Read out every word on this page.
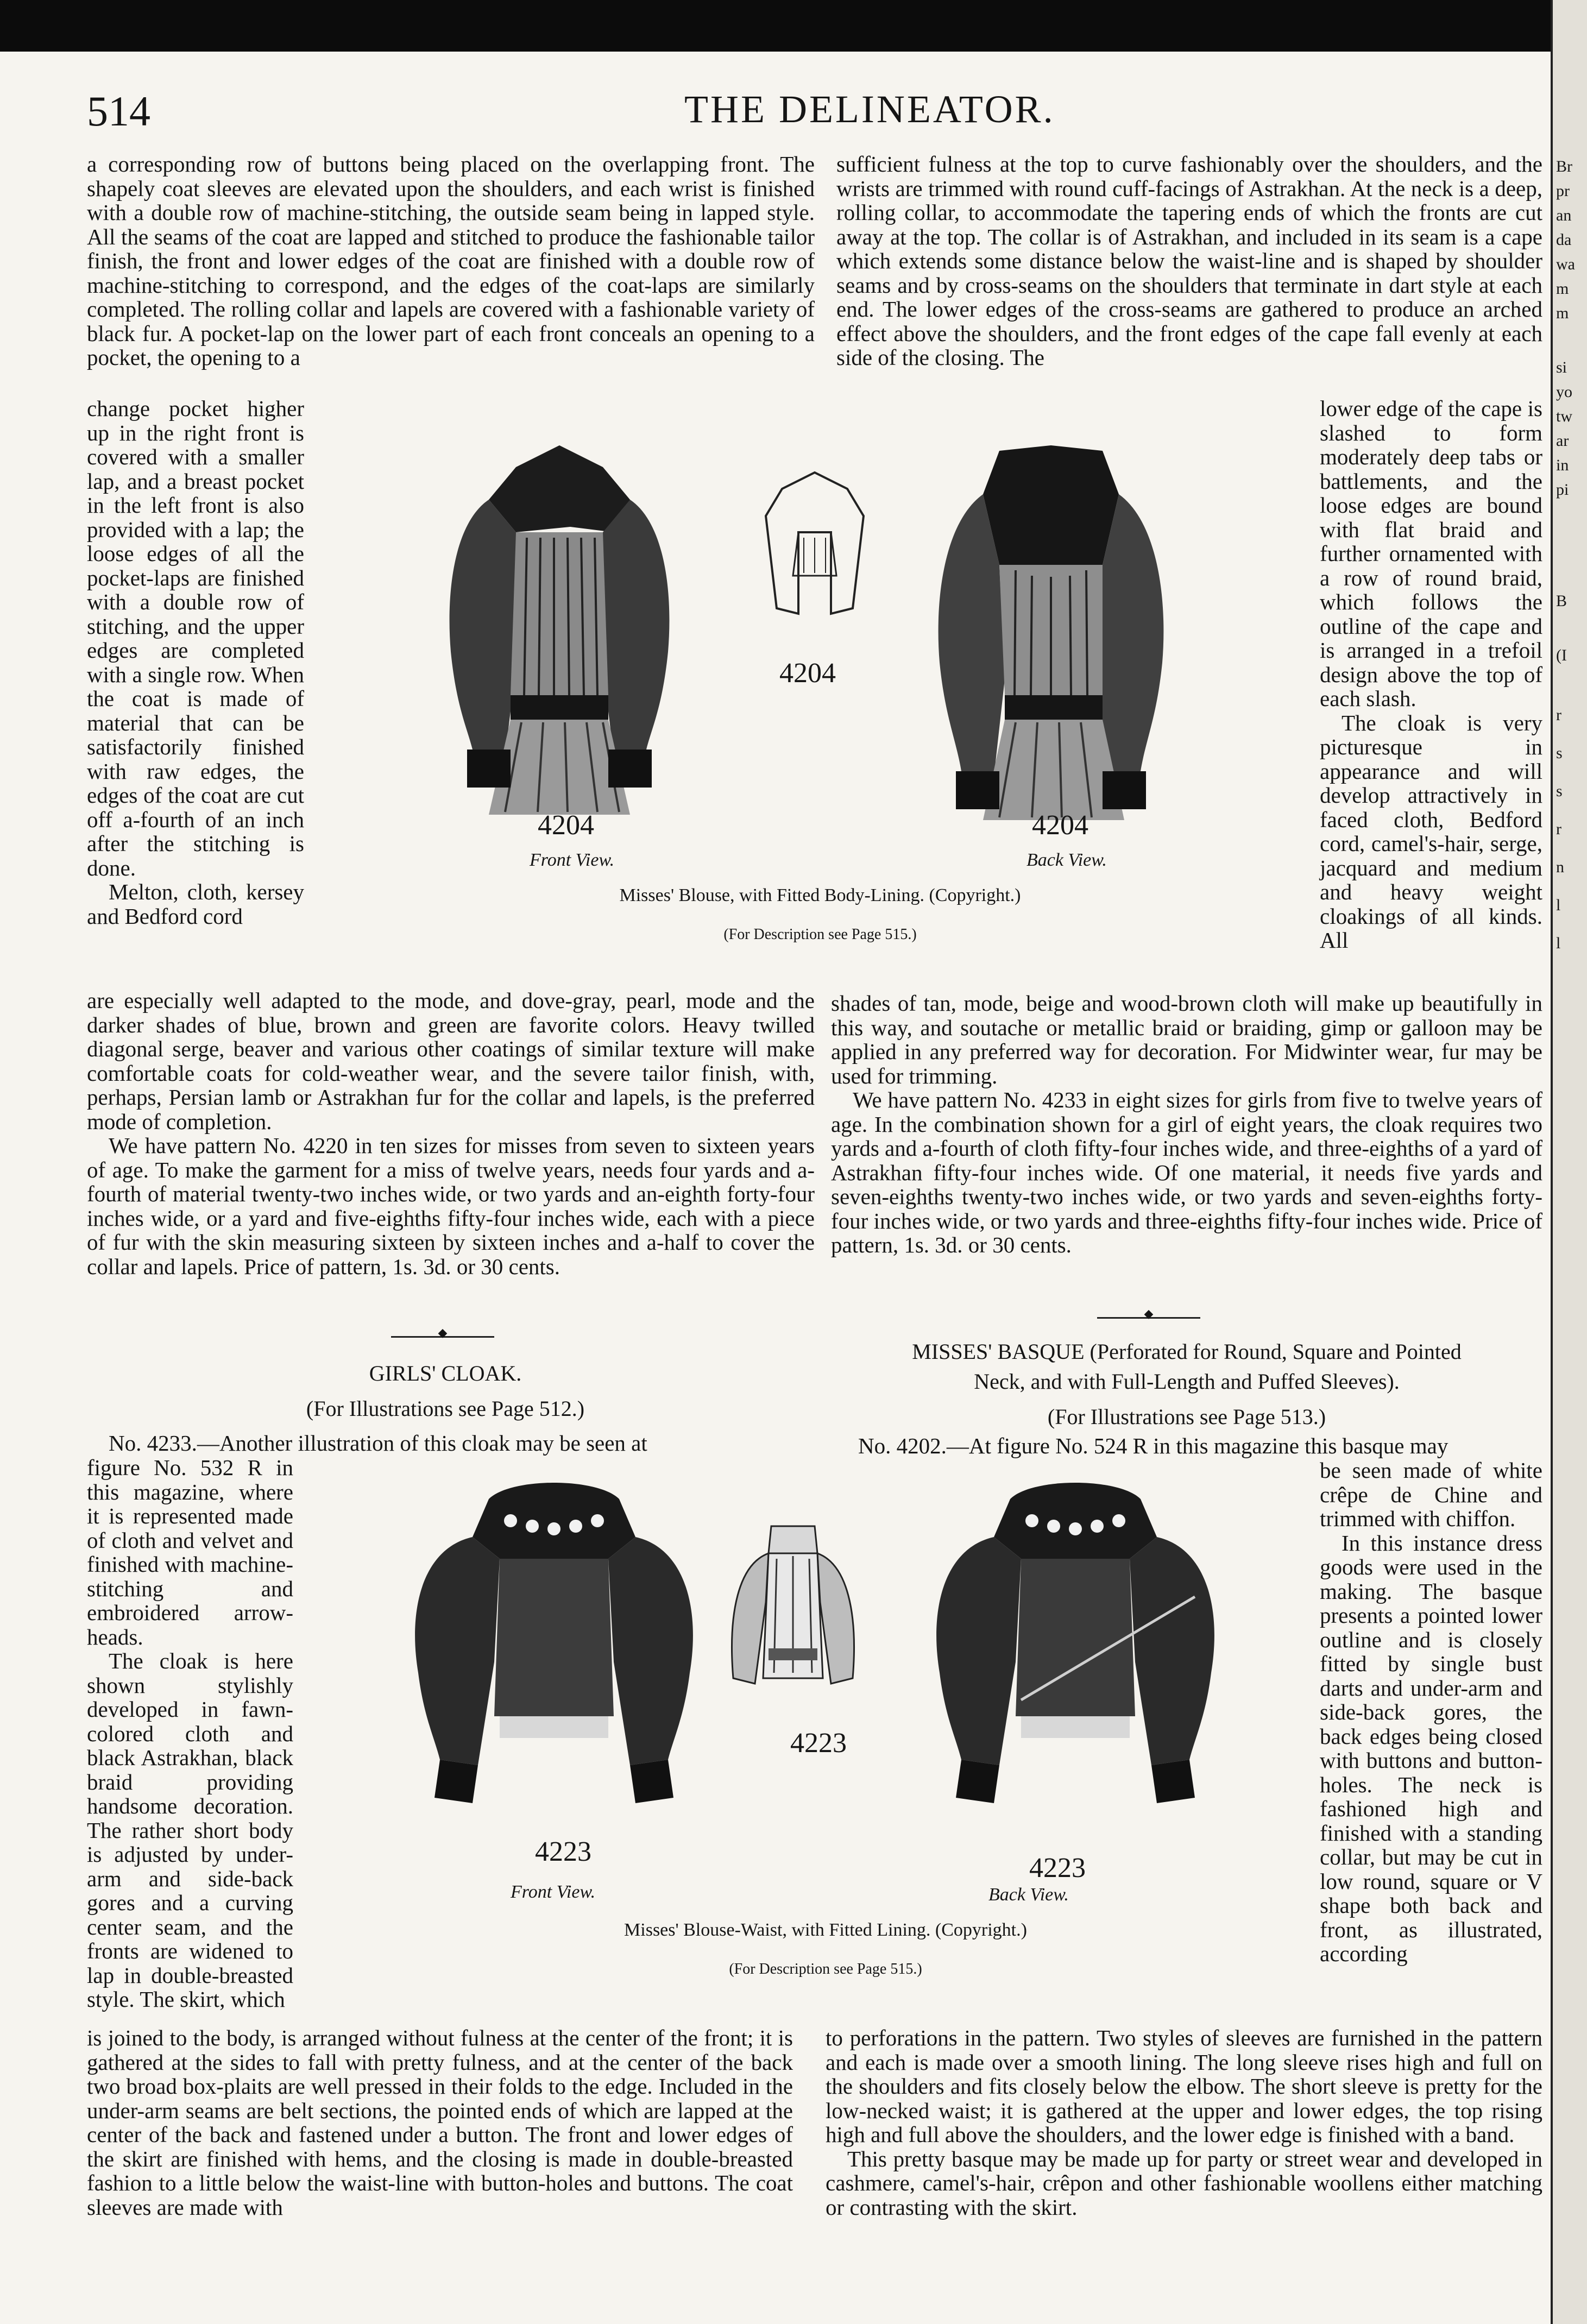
Br
pr
an
da
wa
m
m
si
yo
tw
ar
in
pi
B
(I
r
s
s
r
n
l
l
514	THE DELINEATOR.

a corresponding row of buttons being placed on the overlapping front. The shapely coat sleeves are elevated upon the shoulders, and each wrist is finished with a double row of machine-stitching, the outside seam being in lapped style. All the seams of the coat are lapped and stitched to produce the fashionable tailor finish, the front and lower edges of the coat are finished with a double row of machine-stitching to correspond, and the edges of the coat-laps are similarly completed. The rolling collar and lapels are covered with a fashionable variety of black fur. A pocket-lap on the lower part of each front conceals an opening to a pocket, the opening to a

change pocket higher up in the right front is covered with a smaller lap, and a breast pocket in the left front is also provided with a lap; the loose edges of all the pocket-laps are finished with a double row of stitching, and the upper edges are completed with a single row. When the coat is made of material that can be satisfactorily finished with raw edges, the edges of the coat are cut off a-fourth of an inch after the stitching is done.

Melton, cloth, kersey and Bedford cord

sufficient fulness at the top to curve fashionably over the shoulders, and the wrists are trimmed with round cuff-facings of Astrakhan. At the neck is a deep, rolling collar, to accommodate the tapering ends of which the fronts are cut away at the top. The collar is of Astrakhan, and included in its seam is a cape which extends some distance below the waist-line and is shaped by shoulder seams and by cross-seams on the shoulders that terminate in dart style at each end. The lower edges of the cross-seams are gathered to produce an arched effect above the shoulders, and the front edges of the cape fall evenly at each side of the closing. The

lower edge of the cape is slashed to form moderately deep tabs or battlements, and the loose edges are bound with flat braid and further ornamented with a row of round braid, which follows the outline of the cape and is arranged in a trefoil design above the top of each slash.

The cloak is very picturesque in appearance and will develop attractively in faced cloth, Bedford cord, camel's-hair, serge, jacquard and medium and heavy weight cloakings of all kinds. All

4204
4204	4204
Front View.	Back View.
Misses' Blouse, with Fitted Body-Lining. (Copyright.)
(For Description see Page 515.)

are especially well adapted to the mode, and dove-gray, pearl, mode and the darker shades of blue, brown and green are favorite colors. Heavy twilled diagonal serge, beaver and various other coatings of similar texture will make comfortable coats for cold-weather wear, and the severe tailor finish, with, perhaps, Persian lamb or Astrakhan fur for the collar and lapels, is the preferred mode of completion.

We have pattern No. 4220 in ten sizes for misses from seven to sixteen years of age. To make the garment for a miss of twelve years, needs four yards and a-fourth of material twenty-two inches wide, or two yards and an-eighth forty-four inches wide, or a yard and five-eighths fifty-four inches wide, each with a piece of fur with the skin measuring sixteen by sixteen inches and a-half to cover the collar and lapels. Price of pattern, 1s. 3d. or 30 cents.

shades of tan, mode, beige and wood-brown cloth will make up beautifully in this way, and soutache or metallic braid or braiding, gimp or galloon may be applied in any preferred way for decoration. For Midwinter wear, fur may be used for trimming.

We have pattern No. 4233 in eight sizes for girls from five to twelve years of age. In the combination shown for a girl of eight years, the cloak requires two yards and a-fourth of cloth fifty-four inches wide, and three-eighths of a yard of Astrakhan fifty-four inches wide. Of one material, it needs five yards and seven-eighths twenty-two inches wide, or two yards and seven-eighths forty-four inches wide, or two yards and three-eighths fifty-four inches wide. Price of pattern, 1s. 3d. or 30 cents.

◆
◆
GIRLS' CLOAK.
(For Illustrations see Page 512.)
MISSES' BASQUE (Perforated for Round, Square and Pointed
Neck, and with Full-Length and Puffed Sleeves).
(For Illustrations see Page 513.)

No. 4233.—Another illustration of this cloak may be seen at

figure No. 532 R in this magazine, where it is represented made of cloth and velvet and finished with machine-stitching and embroidered arrow-heads.

The cloak is here shown stylishly developed in fawn-colored cloth and black Astrakhan, black braid providing handsome decoration. The rather short body is adjusted by under-arm and side-back gores and a curving center seam, and the fronts are widened to lap in double-breasted style. The skirt, which

No. 4202.—At figure No. 524 R in this magazine this basque may

be seen made of white crêpe de Chine and trimmed with chiffon.

In this instance dress goods were used in the making. The basque presents a pointed lower outline and is closely fitted by single bust darts and under-arm and side-back gores, the back edges being closed with buttons and button-holes. The neck is fashioned high and finished with a standing collar, but may be cut in low round, square or V shape both back and front, as illustrated, according

4223
4223
4223
Front View.	Back View.
Misses' Blouse-Waist, with Fitted Lining. (Copyright.)
(For Description see Page 515.)

is joined to the body, is arranged without fulness at the center of the front; it is gathered at the sides to fall with pretty fulness, and at the center of the back two broad box-plaits are well pressed in their folds to the edge. Included in the under-arm seams are belt sections, the pointed ends of which are lapped at the center of the back and fastened under a button. The front and lower edges of the skirt are finished with hems, and the closing is made in double-breasted fashion to a little below the waist-line with button-holes and buttons. The coat sleeves are made with

to perforations in the pattern. Two styles of sleeves are furnished in the pattern and each is made over a smooth lining. The long sleeve rises high and full on the shoulders and fits closely below the elbow. The short sleeve is pretty for the low-necked waist; it is gathered at the upper and lower edges, the top rising high and full above the shoulders, and the lower edge is finished with a band.

This pretty basque may be made up for party or street wear and developed in cashmere, camel's-hair, crêpon and other fashionable woollens either matching or contrasting with the skirt.
